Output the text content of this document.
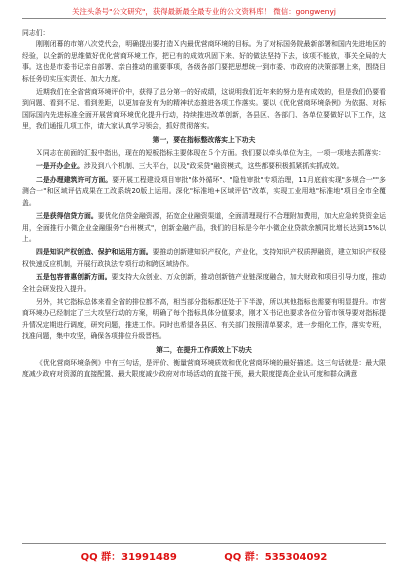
关注头条号"公文研究"，获得最新最全最专业的公文资料库！ 微信：gongwenyj

同志们：

刚刚闭幕的市第八次党代会，明确提出要打造Ｘ内最优营商环境的目标。为了对标国务院最新部署和国内先进地区的经验，以全新的思维做好优化营商环境工作，把已有的成效巩固下来、好的做法坚持下去，该项不能放，事关全局的大事。这也是市委书记亲自部署、亲自推动的重要事项，各级各部门要把思想统一到市委、市政府的决策部署上来，围绕目标任务切实压实责任、加大力度。

近期我们在全省营商环境评价中，获得了总分第一的好成绩，这说明我们近年来的努力是有成效的，但是我们仍要看到问题、看到不足、看到差距，以更加奋发有为的精神状态推进各项工作落实。要以《优化营商环境条例》为依据、对标国际国内先进标准全面开展营商环境优化提升行动，持续推进改革创新，各县区、各部门、各单位要做好以下工作，这里，我们通报几项工作，请大家认真学习领会，抓好贯彻落实。

第一，要在指标整改落实上下功夫

Ｘ同志在前面的汇报中指出，现在的短板指标主要体现在５个方面。我们要以牵头单位为主，一项一项地去抓落实：

一是开办企业。涉及到八个机制、三大平台，以及"政采贷"融资模式，这些都要积极抓紧抓实抓成效。

二是办理建筑许可方面。要开展工程建设项目审批"体外循环"、"隐性审批"专项治理，11月底前实现"多规合一""多测合一"和区域评估成果在工改系统20版上运用。深化"标准地+区域评估"改革，实现工业用地"标准地"项目全市全覆盖。

三是获得信贷方面。要优化信贷金融资源，拓宽企业融资渠道，全面清理现行不合理附加费用，加大应急转贷资金运用，全面推行小微企业金融服务"台州模式"，创新金融产品，我们的目标是今年小微企业贷款余额同比增长达到15%以上。

四是知识产权创造、保护和运用方面。要推动创新建知识产权化，产业化，支持知识产权质押融资，建立知识产权侵权快速反应机制，开展行政执法专项行动和跨区域协作。

五是包容普惠创新方面。要支持大众创业、万众创新，推动创新链产业链深度融合，加大财政和项目引导力度，推动全社会研发投入提升。

另外，其它指标总体来看全省的排位都不高，相当部分指标都还处于下半游，所以其他指标也需要有明显提升。市营商环境办已经制定了三大攻坚行动的方案，明确了每个指标具体分值要求，刚才Ｘ书记也要求各位分管市领导要对指标提升情况定期进行调度，研究问题，推进工作。同时也希望各县区、有关部门按照清单要求，进一步细化工作，落实专班，找准问题，集中攻坚，确保各项排位升级晋档。

第二，在提升工作质效上下功夫

《优化营商环境条例》中有三句话，是评价、衡量营商环境质效和优化营商环境的最好描述。这三句话就是：最大限度减少政府对资源的直接配置、最大限度减少政府对市场活动的直接干预，最大限度提高企业认可度和群众满意

QQ 群：31991489	QQ 群：535304092
